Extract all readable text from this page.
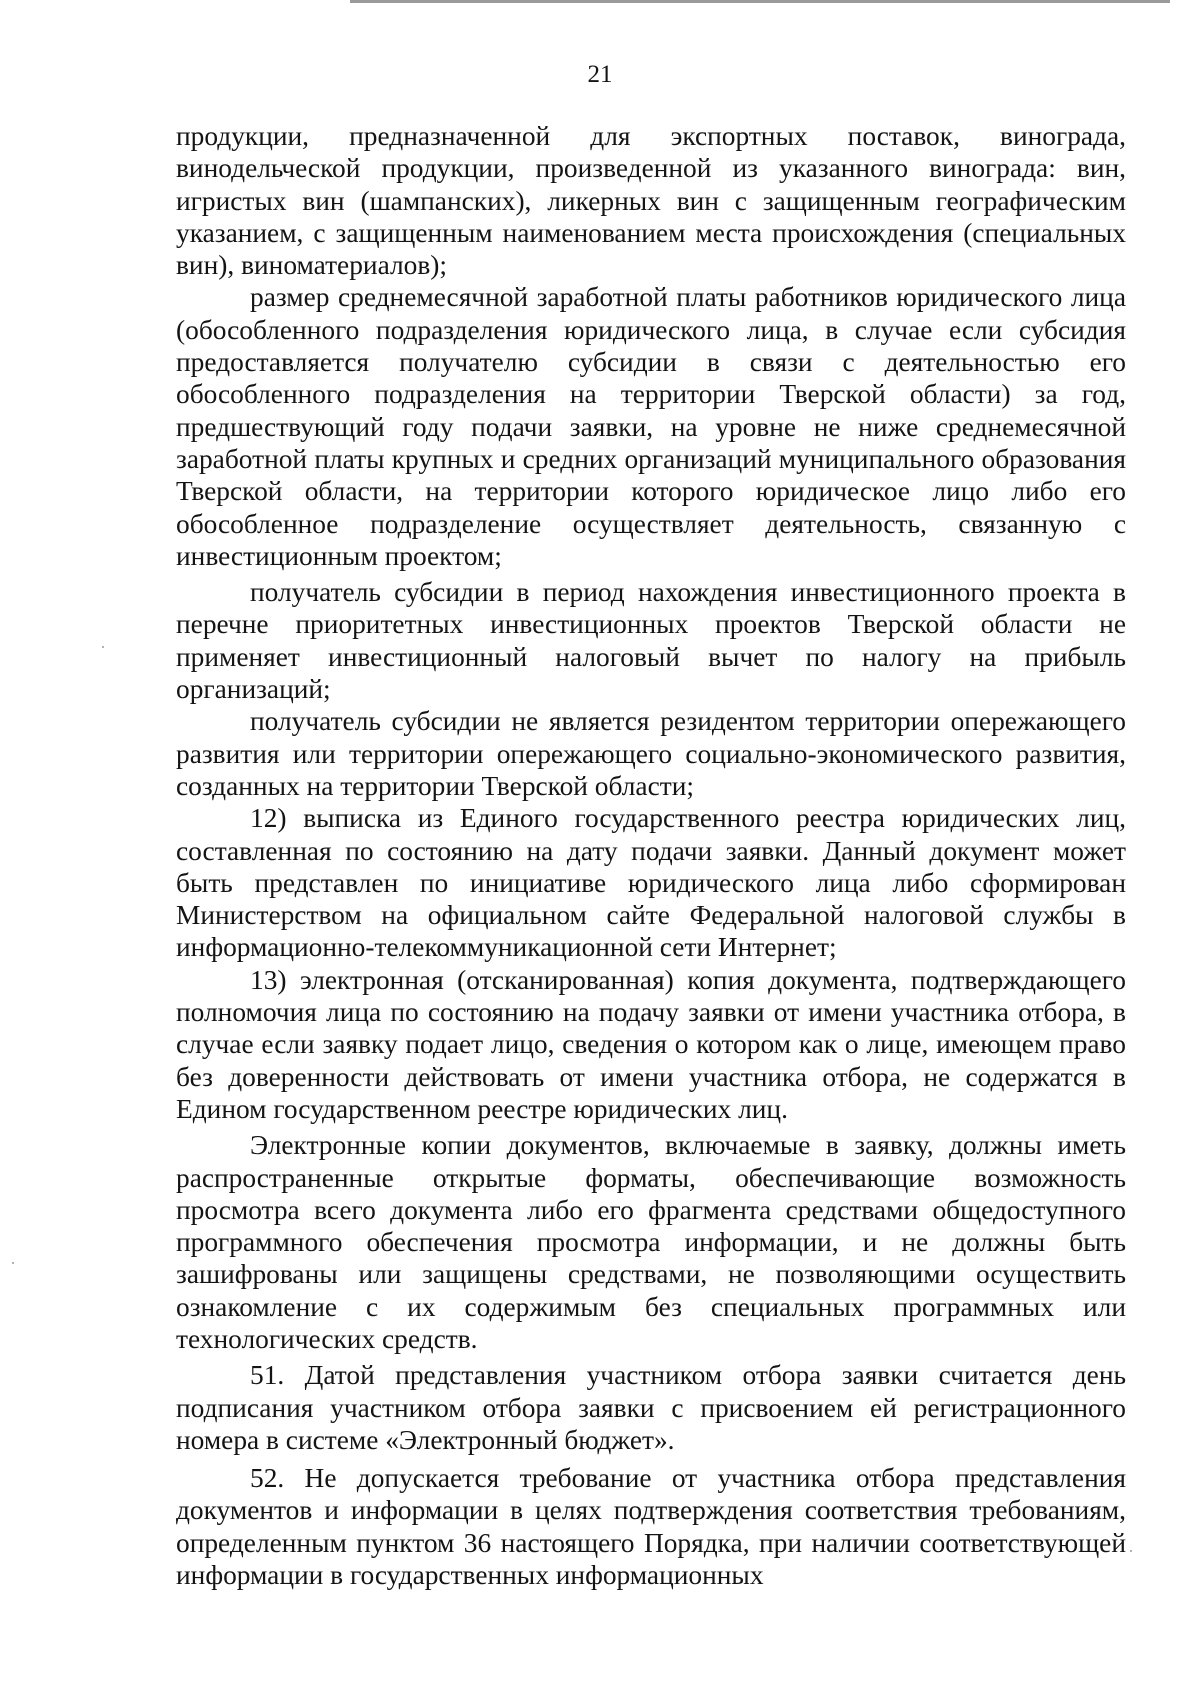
21

продукции, предназначенной для экспортных поставок, винограда, винодельческой продукции, произведенной из указанного винограда: вин, игристых вин (шампанских), ликерных вин с защищенным географическим указанием, с защищенным наименованием места происхождения (специальных вин), виноматериалов);

размер среднемесячной заработной платы работников юридического лица (обособленного подразделения юридического лица, в случае если субсидия предоставляется получателю субсидии в связи с деятельностью его обособленного подразделения на территории Тверской области) за год, предшествующий году подачи заявки, на уровне не ниже среднемесячной заработной платы крупных и средних организаций муниципального образования Тверской области, на территории которого юридическое лицо либо его обособленное подразделение осуществляет деятельность, связанную с инвестиционным проектом;

получатель субсидии в период нахождения инвестиционного проекта в перечне приоритетных инвестиционных проектов Тверской области не применяет инвестиционный налоговый вычет по налогу на прибыль организаций;

получатель субсидии не является резидентом территории опережающего развития или территории опережающего социально-экономического развития, созданных на территории Тверской области;

12) выписка из Единого государственного реестра юридических лиц, составленная по состоянию на дату подачи заявки. Данный документ может быть представлен по инициативе юридического лица либо сформирован Министерством на официальном сайте Федеральной налоговой службы в информационно-телекоммуникационной сети Интернет;

13) электронная (отсканированная) копия документа, подтверждающего полномочия лица по состоянию на подачу заявки от имени участника отбора, в случае если заявку подает лицо, сведения о котором как о лице, имеющем право без доверенности действовать от имени участника отбора, не содержатся в Едином государственном реестре юридических лиц.

Электронные копии документов, включаемые в заявку, должны иметь распространенные открытые форматы, обеспечивающие возможность просмотра всего документа либо его фрагмента средствами общедоступного программного обеспечения просмотра информации, и не должны быть зашифрованы или защищены средствами, не позволяющими осуществить ознакомление с их содержимым без специальных программных или технологических средств.

51. Датой представления участником отбора заявки считается день подписания участником отбора заявки с присвоением ей регистрационного номера в системе «Электронный бюджет».

52. Не допускается требование от участника отбора представления документов и информации в целях подтверждения соответствия требованиям, определенным пунктом 36 настоящего Порядка, при наличии соответствующей информации в государственных информационных
